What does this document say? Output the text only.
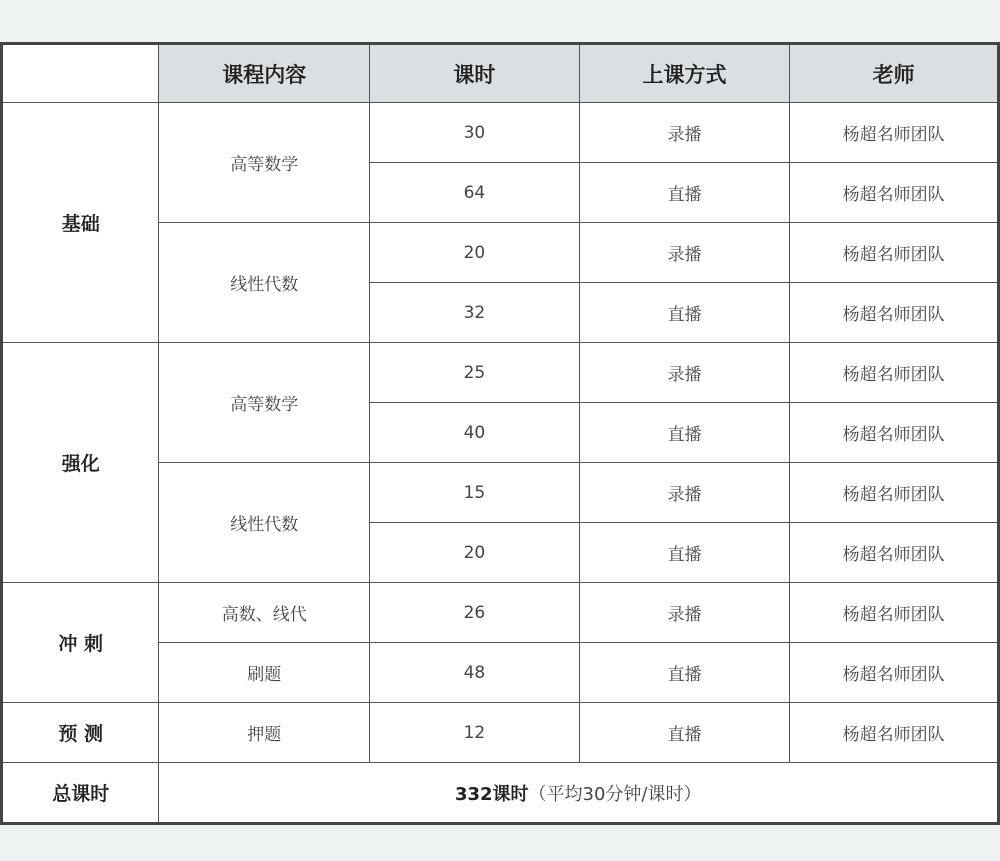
	课程内容	课时	上课方式	老师
基础	高等数学	30	录播	杨超名师团队
		64	直播	杨超名师团队
	线性代数	20	录播	杨超名师团队
		32	直播	杨超名师团队
强化	高等数学	25	录播	杨超名师团队
		40	直播	杨超名师团队
	线性代数	15	录播	杨超名师团队
		20	直播	杨超名师团队
冲 刺	高数、线代	26	录播	杨超名师团队
	刷题	48	直播	杨超名师团队
预 测	押题	12	直播	杨超名师团队
总课时	332课时（平均30分钟/课时）			
